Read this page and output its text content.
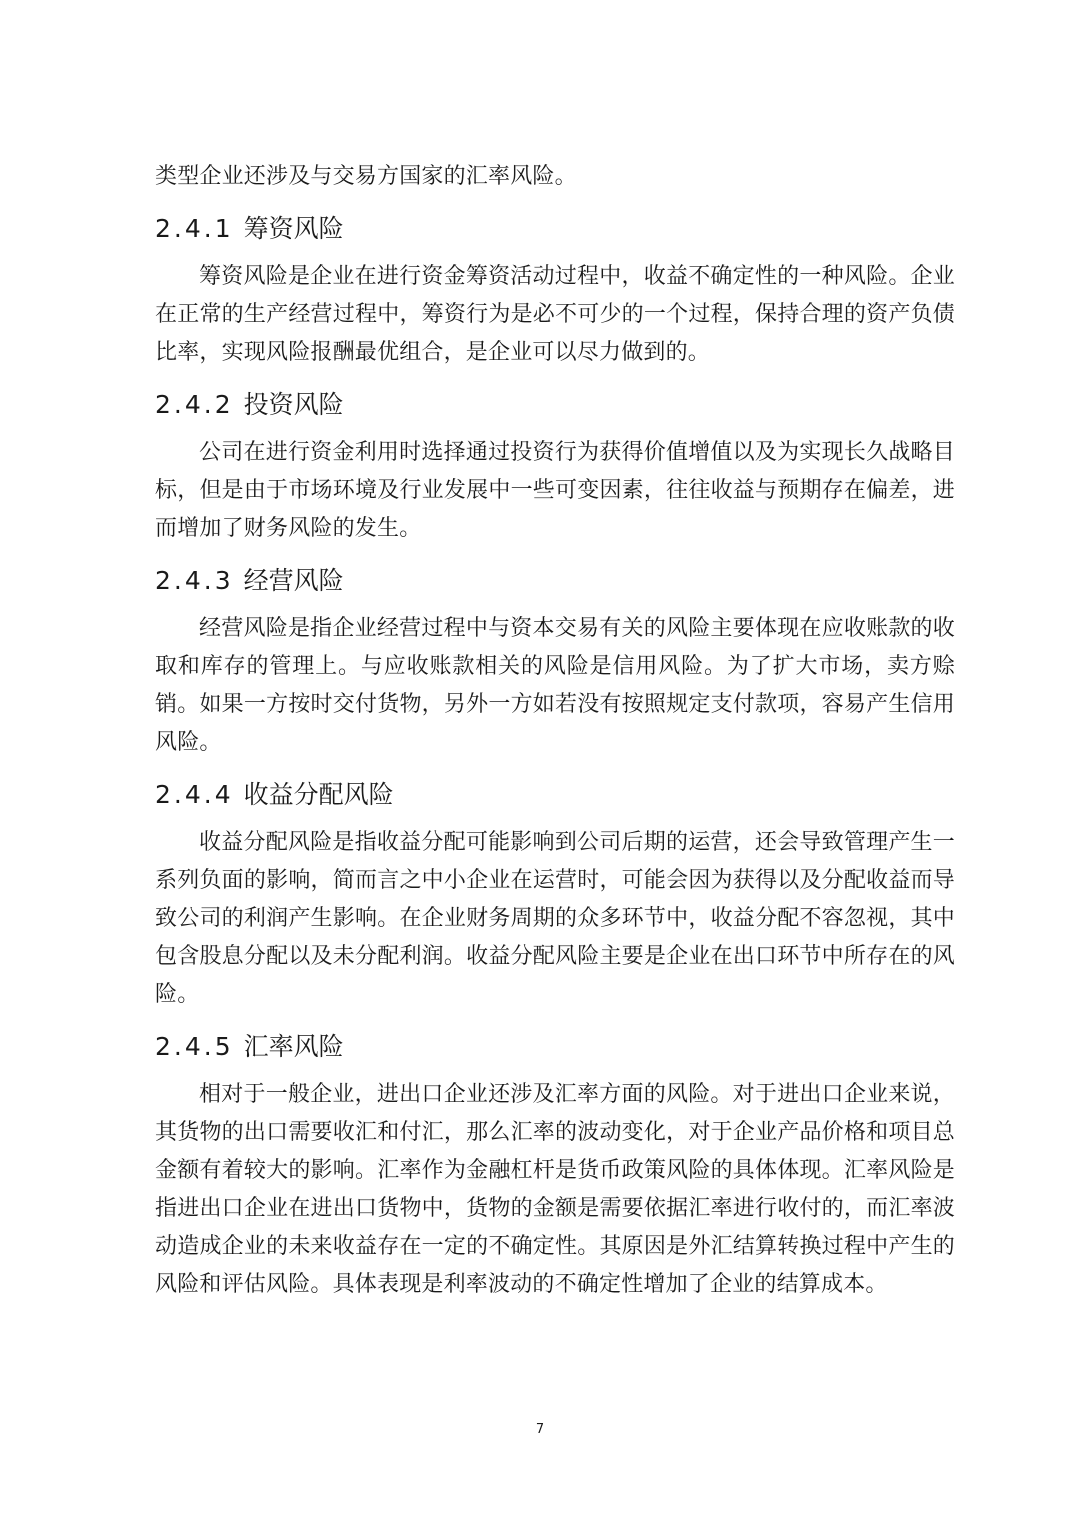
类型企业还涉及与交易方国家的汇率风险。

2.4.1 筹资风险

筹资风险是企业在进行资金筹资活动过程中，收益不确定性的一种风险。企业在正常的生产经营过程中，筹资行为是必不可少的一个过程，保持合理的资产负债比率，实现风险报酬最优组合，是企业可以尽力做到的。

2.4.2 投资风险

公司在进行资金利用时选择通过投资行为获得价值增值以及为实现长久战略目标，但是由于市场环境及行业发展中一些可变因素，往往收益与预期存在偏差，进而增加了财务风险的发生。

2.4.3 经营风险

经营风险是指企业经营过程中与资本交易有关的风险主要体现在应收账款的收取和库存的管理上。与应收账款相关的风险是信用风险。为了扩大市场，卖方赊销。如果一方按时交付货物，另外一方如若没有按照规定支付款项，容易产生信用风险。

2.4.4 收益分配风险

收益分配风险是指收益分配可能影响到公司后期的运营，还会导致管理产生一系列负面的影响，简而言之中小企业在运营时，可能会因为获得以及分配收益而导致公司的利润产生影响。在企业财务周期的众多环节中，收益分配不容忽视，其中包含股息分配以及未分配利润。收益分配风险主要是企业在出口环节中所存在的风险。

2.4.5 汇率风险

相对于一般企业，进出口企业还涉及汇率方面的风险。对于进出口企业来说，其货物的出口需要收汇和付汇，那么汇率的波动变化，对于企业产品价格和项目总金额有着较大的影响。汇率作为金融杠杆是货币政策风险的具体体现。汇率风险是指进出口企业在进出口货物中，货物的金额是需要依据汇率进行收付的，而汇率波动造成企业的未来收益存在一定的不确定性。其原因是外汇结算转换过程中产生的风险和评估风险。具体表现是利率波动的不确定性增加了企业的结算成本。

7
